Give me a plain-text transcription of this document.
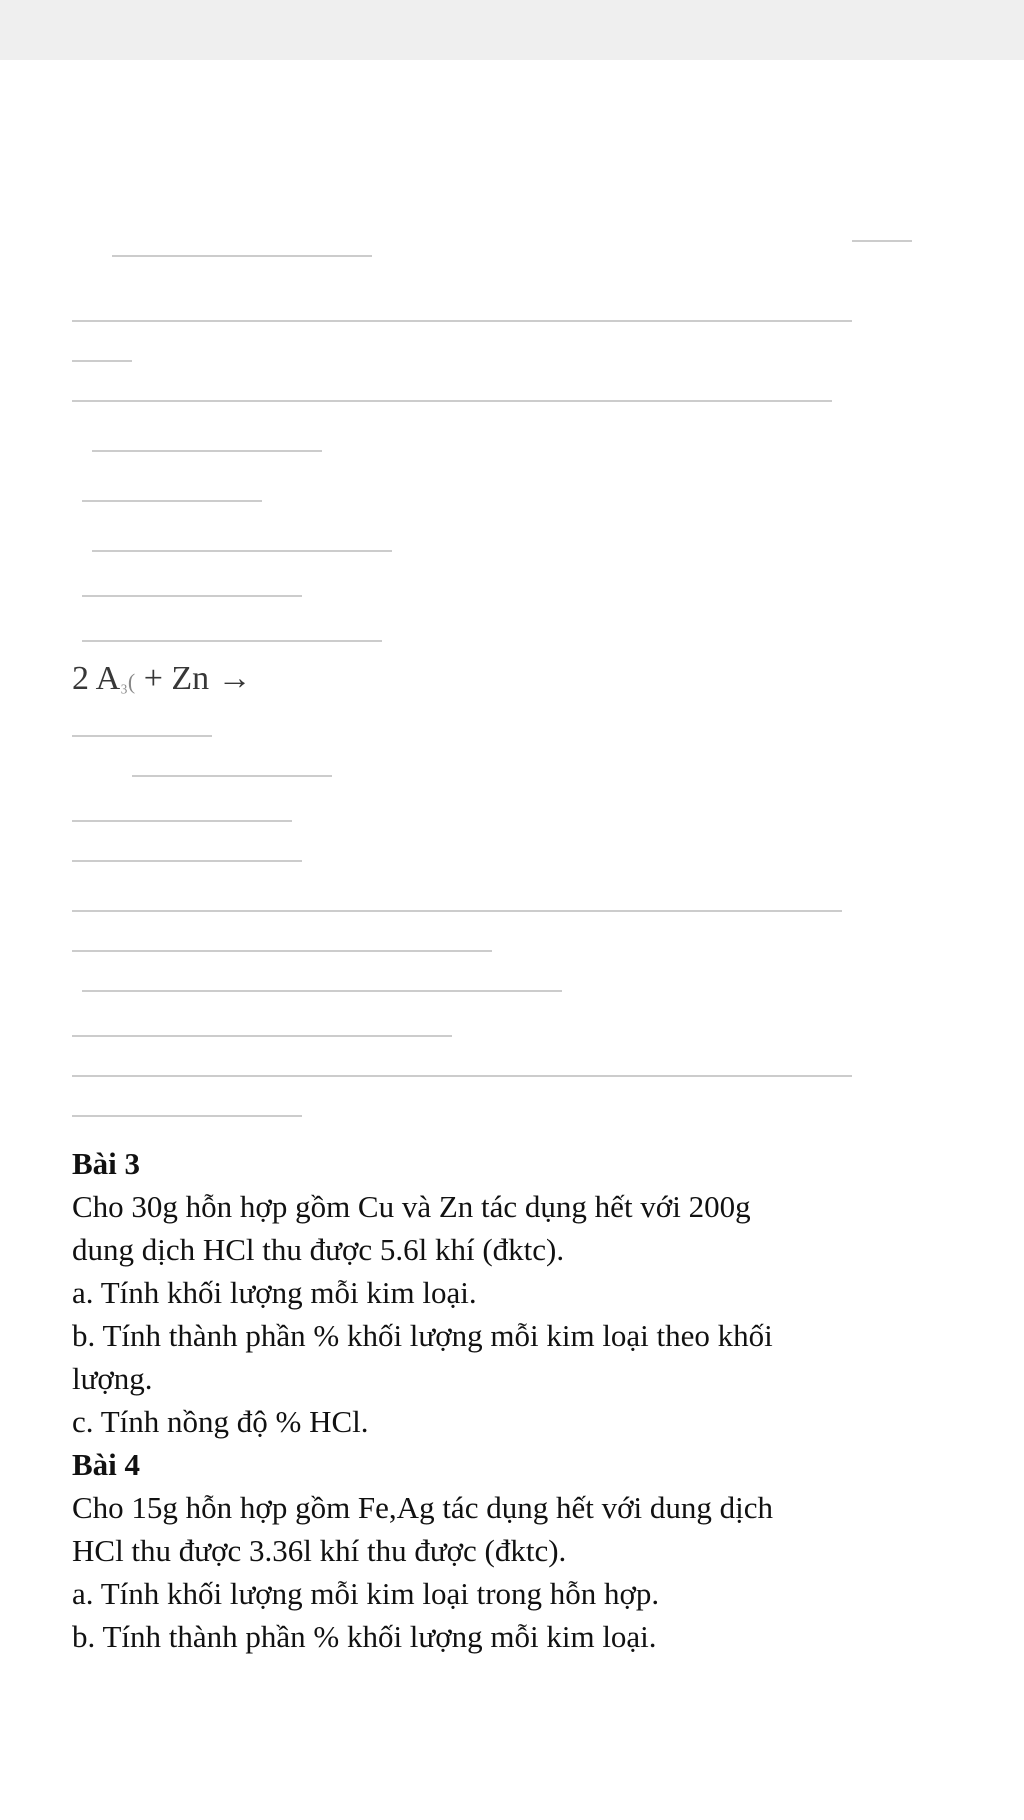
2 A₃( + Zn →

Bài 3

Cho 30g hỗn hợp gồm Cu và Zn tác dụng hết với 200g

dung dịch HCl thu được 5.6l khí (đktc).

a. Tính khối lượng mỗi kim loại.

b. Tính thành phần % khối lượng mỗi kim loại theo khối

lượng.

c. Tính nồng độ % HCl.

Bài 4

Cho 15g hỗn hợp gồm Fe,Ag tác dụng hết với dung dịch

HCl thu được 3.36l khí thu được (đktc).

a. Tính khối lượng mỗi kim loại trong hỗn hợp.

b. Tính thành phần % khối lượng mỗi kim loại.
